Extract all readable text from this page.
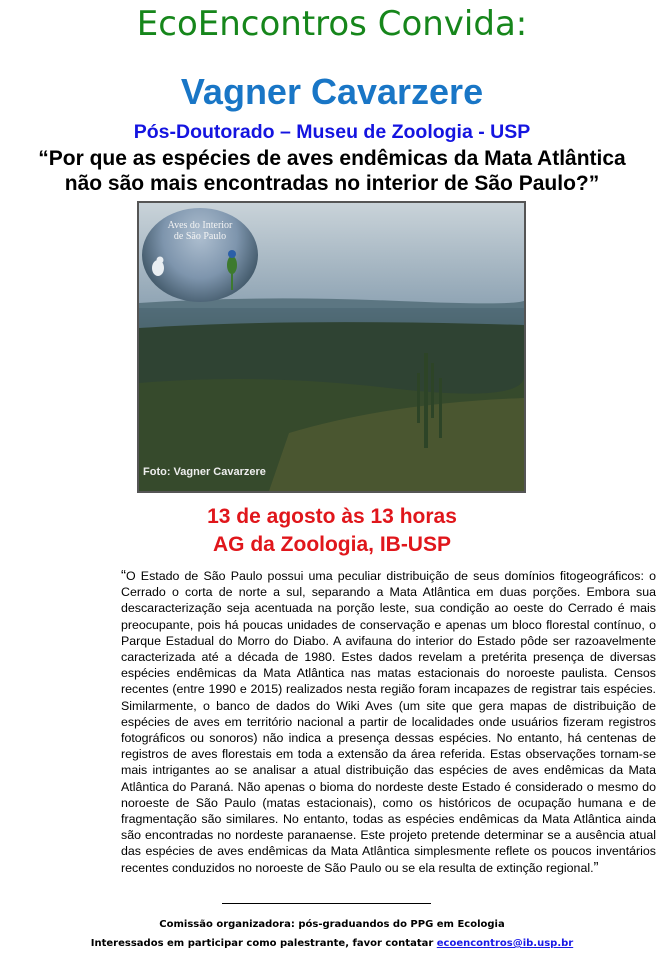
EcoEncontros Convida:
Vagner Cavarzere
Pós-Doutorado – Museu de Zoologia - USP
“Por que as espécies de aves endêmicas da Mata Atlântica
não são mais encontradas no interior de São Paulo?”
Aves do Interior
de São Paulo
Foto: Vagner Cavarzere
13 de agosto às 13 horas
AG da Zoologia, IB-USP
“O Estado de São Paulo possui uma peculiar distribuição de seus domínios fitogeográficos: o Cerrado o corta de norte a sul, separando a Mata Atlântica em duas porções. Embora sua descaracterização seja acentuada na porção leste, sua condição ao oeste do Cerrado é mais preocupante, pois há poucas unidades de conservação e apenas um bloco florestal contínuo, o Parque Estadual do Morro do Diabo. A avifauna do interior do Estado pôde ser razoavelmente caracterizada até a década de 1980. Estes dados revelam a pretérita presença de diversas espécies endêmicas da Mata Atlântica nas matas estacionais do noroeste paulista. Censos recentes (entre 1990 e 2015) realizados nesta região foram incapazes de registrar tais espécies. Similarmente, o banco de dados do Wiki Aves (um site que gera mapas de distribuição de espécies de aves em território nacional a partir de localidades onde usuários fizeram registros fotográficos ou sonoros) não indica a presença dessas espécies. No entanto, há centenas de registros de aves florestais em toda a extensão da área referida. Estas observações tornam-se mais intrigantes ao se analisar a atual distribuição das espécies de aves endêmicas da Mata Atlântica do Paraná. Não apenas o bioma do nordeste deste Estado é considerado o mesmo do noroeste de São Paulo (matas estacionais), como os históricos de ocupação humana e de fragmentação são similares. No entanto, todas as espécies endêmicas da Mata Atlântica ainda são encontradas no nordeste paranaense. Este projeto pretende determinar se a ausência atual das espécies de aves endêmicas da Mata Atlântica simplesmente reflete os poucos inventários recentes conduzidos no noroeste de São Paulo ou se ela resulta de extinção regional.”
Comissão organizadora: pós-graduandos do PPG em Ecologia
Interessados em participar como palestrante, favor contatar ecoencontros@ib.usp.br
